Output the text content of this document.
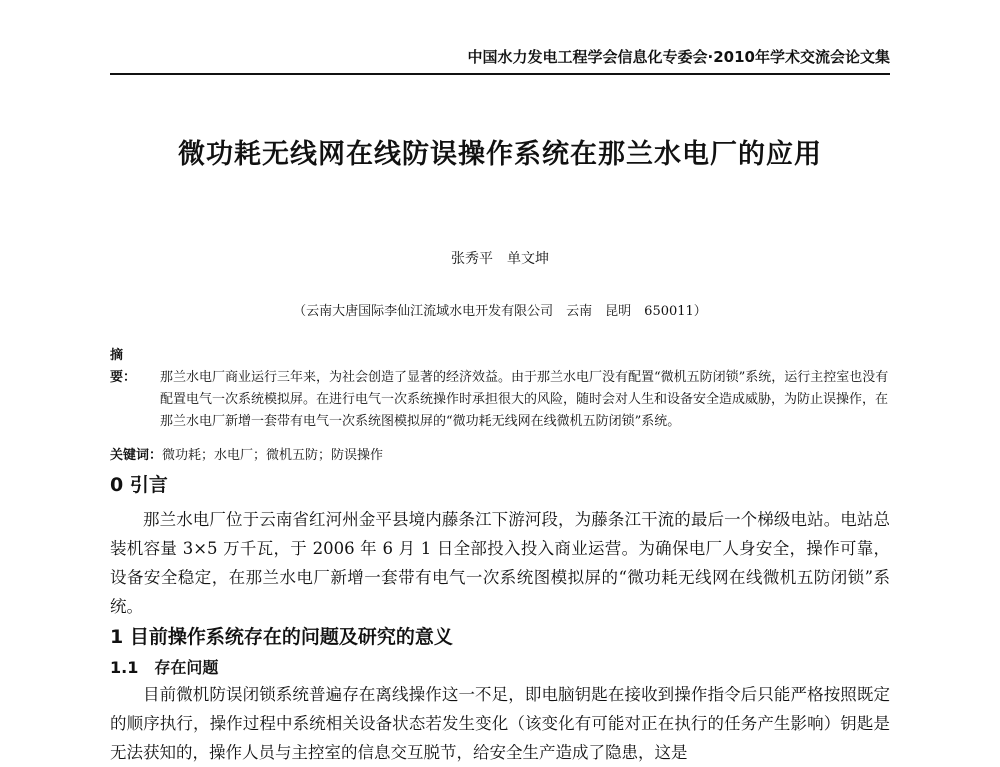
中国水力发电工程学会信息化专委会·2010年学术交流会论文集
微功耗无线网在线防误操作系统在那兰水电厂的应用
张秀平　单文坤
（云南大唐国际李仙江流域水电开发有限公司　云南　昆明　650011）
摘　要： 那兰水电厂商业运行三年来，为社会创造了显著的经济效益。由于那兰水电厂没有配置“微机五防闭锁”系统，运行主控室也没有配置电气一次系统模拟屏。在进行电气一次系统操作时承担很大的风险，随时会对人生和设备安全造成威胁，为防止误操作，在那兰水电厂新增一套带有电气一次系统图模拟屏的“微功耗无线网在线微机五防闭锁”系统。
关键词：微功耗；水电厂；微机五防；防误操作
0 引言
那兰水电厂位于云南省红河州金平县境内藤条江下游河段，为藤条江干流的最后一个梯级电站。电站总装机容量 3×5 万千瓦，于 2006 年 6 月 1 日全部投入投入商业运营。为确保电厂人身安全，操作可靠，设备安全稳定，在那兰水电厂新增一套带有电气一次系统图模拟屏的“微功耗无线网在线微机五防闭锁”系统。
1 目前操作系统存在的问题及研究的意义
1.1　存在问题
目前微机防误闭锁系统普遍存在离线操作这一不足，即电脑钥匙在接收到操作指令后只能严格按照既定的顺序执行，操作过程中系统相关设备状态若发生变化（该变化有可能对正在执行的任务产生影响）钥匙是无法获知的，操作人员与主控室的信息交互脱节，给安全生产造成了隐患，这是
